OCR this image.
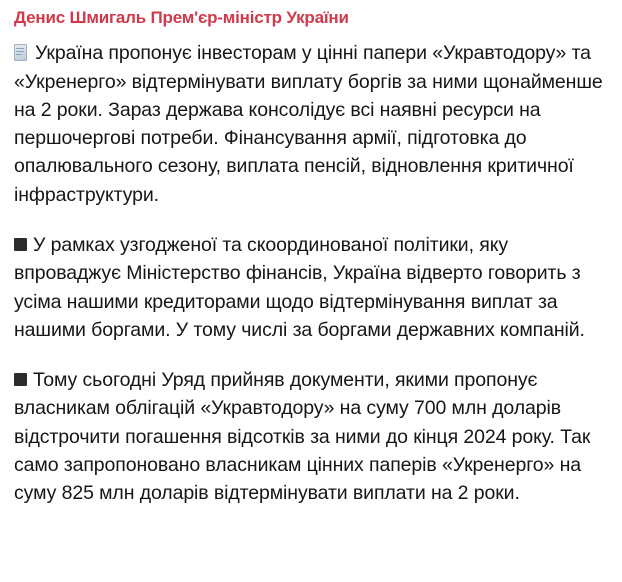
Денис Шмигаль Прем'єр-міністр України

Україна пропонує інвесторам у цінні папери «Укравтодору» та «Укренерго» відтермінувати виплату боргів за ними щонайменше на 2 роки. Зараз держава консолідує всі наявні ресурси на першочергові потреби. Фінансування армії, підготовка до опалювального сезону, виплата пенсій, відновлення критичної інфраструктури.

У рамках узгодженої та скоординованої політики, яку впроваджує Міністерство фінансів, Україна відверто говорить з усіма нашими кредиторами щодо відтермінування виплат за нашими боргами. У тому числі за боргами державних компаній.

Тому сьогодні Уряд прийняв документи, якими пропонує власникам облігацій «Укравтодору» на суму 700 млн доларів відстрочити погашення відсотків за ними до кінця 2024 року. Так само запропоновано власникам цінних паперів «Укренерго» на суму 825 млн доларів відтермінувати виплати на 2 роки.
